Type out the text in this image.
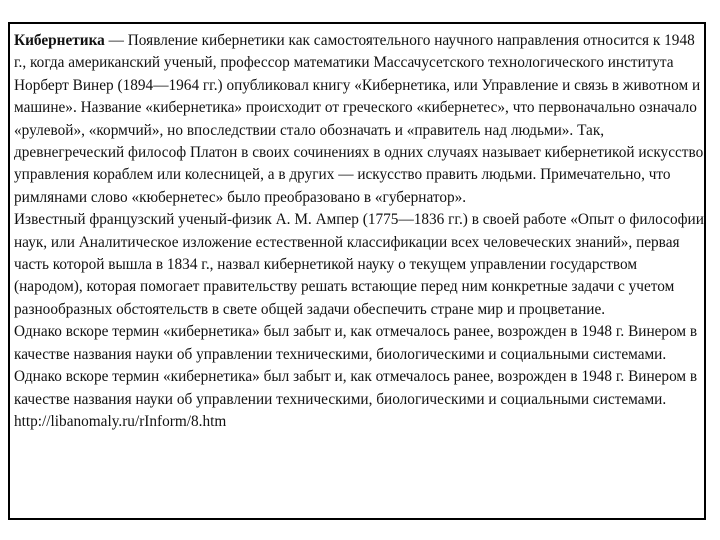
Кибернетика — Появление кибернетики как самостоятельного научного направления относится к 1948 г., когда американский ученый, профессор математики Массачусетского технологического института Норберт Винер (1894—1964 гг.) опубликовал книгу «Кибернетика, или Управление и связь в животном и машине». Название «кибернетика» происходит от греческого «кибернетес», что первоначально означало «рулевой», «кормчий», но впоследствии стало обозначать и «правитель над людьми». Так, древнегреческий философ Платон в своих сочинениях в одних случаях называет кибернетикой искусство управления кораблем или колесницей, а в других — искусство править людьми. Примечательно, что римлянами слово «кюбернетес» было преобразовано в «губернатор».

Известный французский ученый-физик А. М. Ампер (1775—1836 гг.) в своей работе «Опыт о философии наук, или Аналитическое изложение естественной классификации всех человеческих знаний», первая часть которой вышла в 1834 г., назвал кибернетикой науку о текущем управлении государством (народом), которая помогает правительству решать встающие перед ним конкретные задачи с учетом разнообразных обстоятельств в свете общей задачи обеспечить стране мир и процветание.

Однако вскоре термин «кибернетика» был забыт и, как отмечалось ранее, возрожден в 1948 г. Винером в качестве названия науки об управлении техническими, биологическими и социальными системами. Однако вскоре термин «кибернетика» был забыт и, как отмечалось ранее, возрожден в 1948 г. Винером в качестве названия науки об управлении техническими, биологическими и социальными системами.

http://libanomaly.ru/rInform/8.htm
